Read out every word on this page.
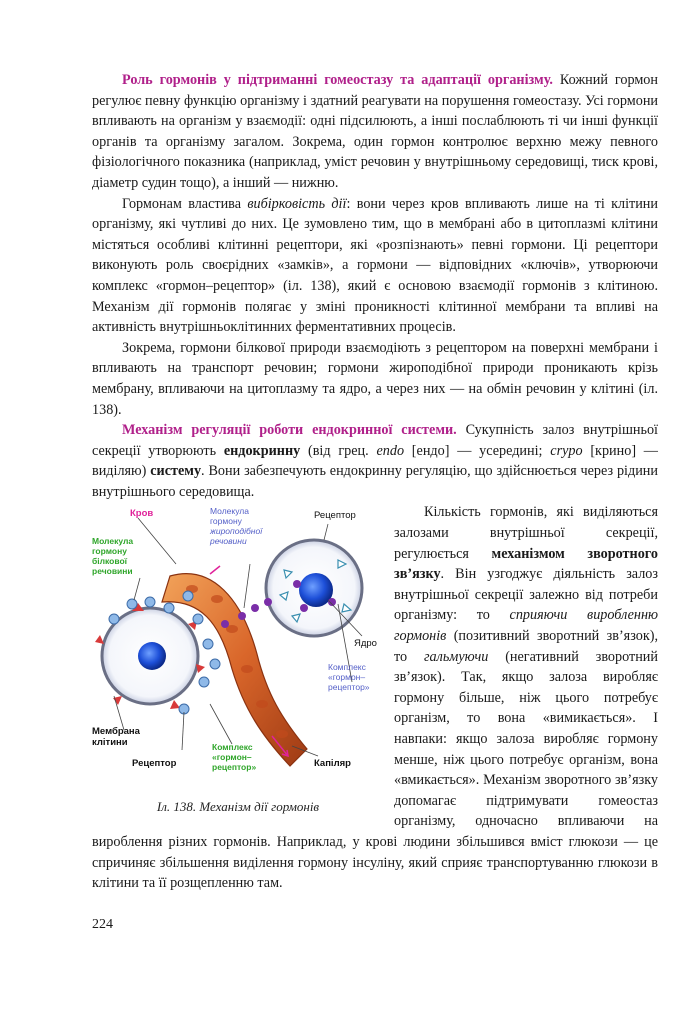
Роль гормонів у підтриманні гомеостазу та адаптації організму. Кожний гормон регулює певну функцію організму і здатний реагувати на порушення гомеостазу. Усі гормони впливають на організм у взаємодії: одні підсилюють, а інші послаблюють ті чи інші функції органів та організму загалом. Зокрема, один гормон контролює верхню межу певного фізіологічного показника (наприклад, уміст речовин у внутрішньому середовищі, тиск крові, діаметр судин тощо), а інший — нижню.

Гормонам властива вибірковість дії: вони через кров впливають лише на ті клітини організму, які чутливі до них. Це зумовлено тим, що в мембрані або в цитоплазмі клітини містяться особливі клітинні рецептори, які «розпізнають» певні гормони. Ці рецептори виконують роль своєрідних «замків», а гормони — відповідних «ключів», утворюючи комплекс «гормон–рецептор» (іл. 138), який є основою взаємодії гормонів з клітиною. Механізм дії гормонів полягає у зміні проникності клітинної мембрани та впливі на активність внутрішньоклітинних ферментативних процесів.

Зокрема, гормони білкової природи взаємодіють з рецептором на поверхні мембрани і впливають на транспорт речовин; гормони жироподібної природи проникають крізь мембрану, впливаючи на цитоплазму та ядро, а через них — на обмін речовин у клітині (іл. 138).

Механізм регуляції роботи ендокринної системи. Сукупність залоз внутрішньої секреції утворюють ендокринну (від грец. endo [ендо] — усередині; crypo [крино] — виділяю) систему. Вони забезпечують ендокринну регуляцію, що здійснюється через рідини внутрішнього середовища.

Кров
Молекула гормону білкової речовини
Молекула гормону жироподібної речовини
Рецептор
Ядро
Комплекс «гормон– рецептор»
Мембрана клітини
Рецептор
Комплекс «гормон– рецептор»	Капіляр
Іл. 138. Механізм дії гормонів

Кількість гормонів, які виділяються залозами внутрішньої секреції, регулюється механізмом зворотного зв’язку. Він узгоджує діяльність залоз внутрішньої секреції залежно від потреби організму: то сприяючи виробленню гормонів (позитивний зворотний зв’язок), то гальмуючи (негативний зворотний зв’язок). Так, якщо залоза виробляє гормону більше, ніж цього потребує організм, то вона «вимикається». І навпаки: якщо залоза виробляє гормону менше, ніж цього потребує організм, вона «вмикається». Механізм зворотного зв’язку допомагає підтримувати гомеостаз організму, одночасно впливаючи на вироблення різних гормонів. Наприклад, у крові людини збільшився вміст глюкози — це спричиняє збільшення виділення гормону інсуліну, який сприяє транспортуванню глюкози в клітини та її розщепленню там.

224
